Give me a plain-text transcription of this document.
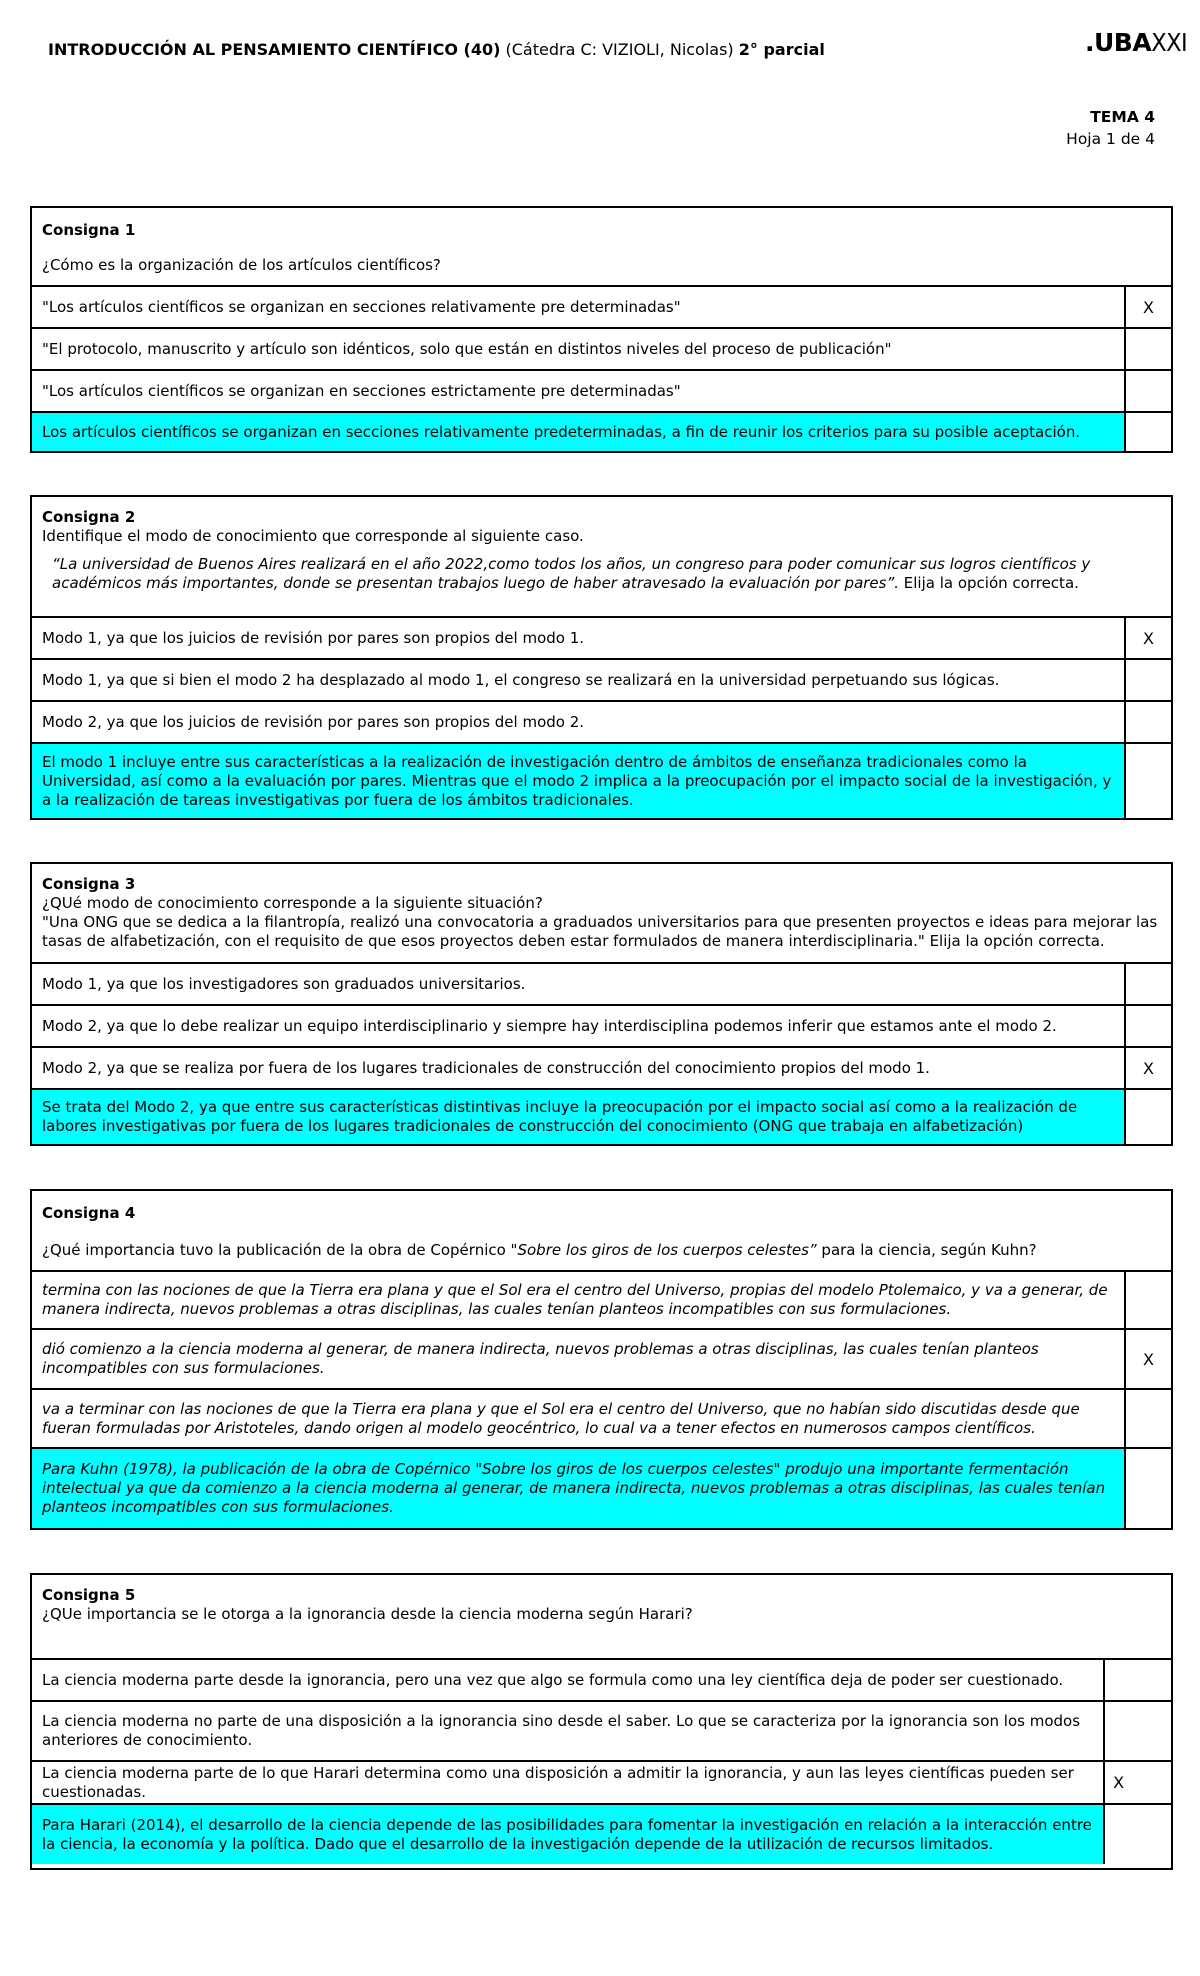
INTRODUCCIÓN AL PENSAMIENTO CIENTÍFICO (40) (Cátedra C: VIZIOLI, Nicolas) 2° parcial	.UBAXXI
TEMA 4
Hoja 1 de 4
Consigna 1
¿Cómo es la organización de los artículos científicos?
"Los artículos científicos se organizan en secciones relativamente pre determinadas"	X
"El protocolo, manuscrito y artículo son idénticos, solo que están en distintos niveles del proceso de publicación"
"Los artículos científicos se organizan en secciones estrictamente pre determinadas"
Los artículos científicos se organizan en secciones relativamente predeterminadas, a fin de reunir los criterios para su posible aceptación.
Consigna 2
Identifique el modo de conocimiento que corresponde al siguiente caso.
“La universidad de Buenos Aires realizará en el año 2022,como todos los años, un congreso para poder comunicar sus logros científicos y académicos más importantes, donde se presentan trabajos luego de haber atravesado la evaluación por pares”. Elija la opción correcta.
Modo 1, ya que los juicios de revisión por pares son propios del modo 1.	X
Modo 1, ya que si bien el modo 2 ha desplazado al modo 1, el congreso se realizará en la universidad perpetuando sus lógicas.
Modo 2, ya que los juicios de revisión por pares son propios del modo 2.
El modo 1 incluye entre sus características a la realización de investigación dentro de ámbitos de enseñanza tradicionales como la Universidad, así como a la evaluación por pares. Mientras que el modo 2 implica a la preocupación por el impacto social de la investigación, y a la realización de tareas investigativas por fuera de los ámbitos tradicionales.
Consigna 3
¿QUé modo de conocimiento corresponde a la siguiente situación?
"Una ONG que se dedica a la filantropía, realizó una convocatoria a graduados universitarios para que presenten proyectos e ideas para mejorar las tasas de alfabetización, con el requisito de que esos proyectos deben estar formulados de manera interdisciplinaria." Elija la opción correcta.
Modo 1, ya que los investigadores son graduados universitarios.
Modo 2, ya que lo debe realizar un equipo interdisciplinario y siempre hay interdisciplina podemos inferir que estamos ante el modo 2.
Modo 2, ya que se realiza por fuera de los lugares tradicionales de construcción del conocimiento propios del modo 1.	X
Se trata del Modo 2, ya que entre sus características distintivas incluye la preocupación por el impacto social así como a la realización de labores investigativas por fuera de los lugares tradicionales de construcción del conocimiento (ONG que trabaja en alfabetización)
Consigna 4
¿Qué importancia tuvo la publicación de la obra de Copérnico "Sobre los giros de los cuerpos celestes” para la ciencia, según Kuhn?
termina con las nociones de que la Tierra era plana y que el Sol era el centro del Universo, propias del modelo Ptolemaico, y va a generar, de manera indirecta, nuevos problemas a otras disciplinas, las cuales tenían planteos incompatibles con sus formulaciones.
dió comienzo a la ciencia moderna al generar, de manera indirecta, nuevos problemas a otras disciplinas, las cuales tenían planteos incompatibles con sus formulaciones.	X
va a terminar con las nociones de que la Tierra era plana y que el Sol era el centro del Universo, que no habían sido discutidas desde que fueran formuladas por Aristoteles, dando origen al modelo geocéntrico, lo cual va a tener efectos en numerosos campos científicos.
Para Kuhn (1978), la publicación de la obra de Copérnico "Sobre los giros de los cuerpos celestes" produjo una importante fermentación intelectual ya que da comienzo a la ciencia moderna al generar, de manera indirecta, nuevos problemas a otras disciplinas, las cuales tenían planteos incompatibles con sus formulaciones.
Consigna 5
¿QUe importancia se le otorga a la ignorancia desde la ciencia moderna según Harari?
La ciencia moderna parte desde la ignorancia, pero una vez que algo se formula como una ley científica deja de poder ser cuestionado.
La ciencia moderna no parte de una disposición a la ignorancia sino desde el saber. Lo que se caracteriza por la ignorancia son los modos anteriores de conocimiento.
La ciencia moderna parte de lo que Harari determina como una disposición a admitir la ignorancia, y aun las leyes científicas pueden ser cuestionadas.	X
Para Harari (2014), el desarrollo de la ciencia depende de las posibilidades para fomentar la investigación en relación a la interacción entre la ciencia, la economía y la política. Dado que el desarrollo de la investigación depende de la utilización de recursos limitados.
